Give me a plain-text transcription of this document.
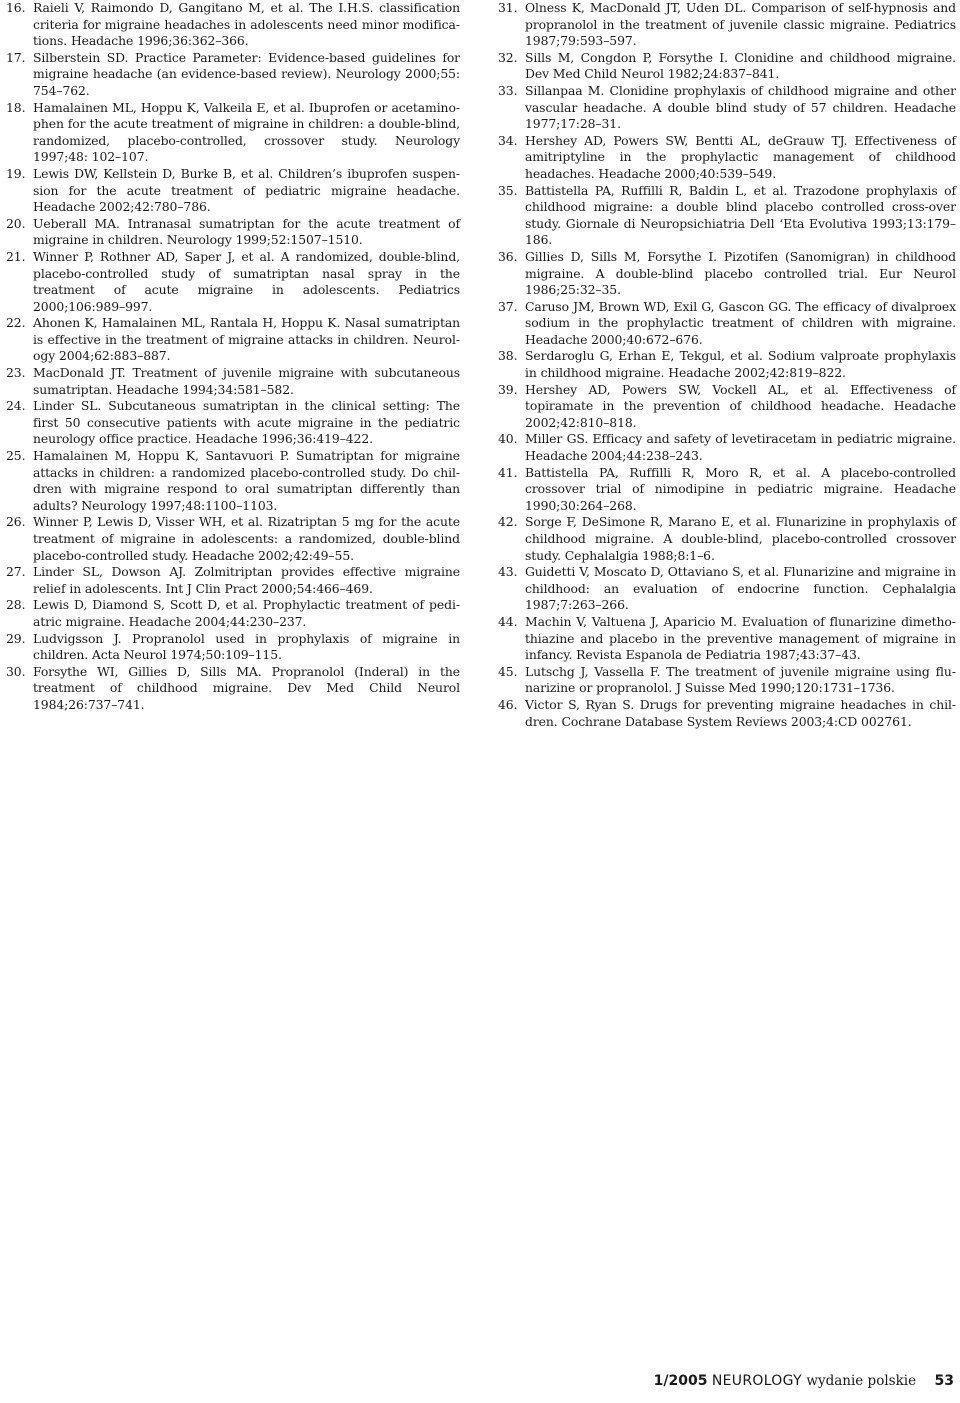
16. Raieli V, Raimondo D, Gangitano M, et al. The I.H.S. classification criteria for migraine headaches in adolescents need minor modifications. Headache 1996;36:362–366.
17. Silberstein SD. Practice Parameter: Evidence-based guidelines for migraine headache (an evidence-based review). Neurology 2000;55: 754–762.
18. Hamalainen ML, Hoppu K, Valkeila E, et al. Ibuprofen or acetaminophen for the acute treatment of migraine in children: a double-blind, randomized, placebo-controlled, crossover study. Neurology 1997;48: 102–107.
19. Lewis DW, Kellstein D, Burke B, et al. Children’s ibuprofen suspension for the acute treatment of pediatric migraine headache. Headache 2002;42:780–786.
20. Ueberall MA. Intranasal sumatriptan for the acute treatment of migraine in children. Neurology 1999;52:1507–1510.
21. Winner P, Rothner AD, Saper J, et al. A randomized, double-blind, placebo-controlled study of sumatriptan nasal spray in the treatment of acute migraine in adolescents. Pediatrics 2000;106:989–997.
22. Ahonen K, Hamalainen ML, Rantala H, Hoppu K. Nasal sumatriptan is effective in the treatment of migraine attacks in children. Neurology 2004;62:883–887.
23. MacDonald JT. Treatment of juvenile migraine with subcutaneous sumatriptan. Headache 1994;34:581–582.
24. Linder SL. Subcutaneous sumatriptan in the clinical setting: The first 50 consecutive patients with acute migraine in the pediatric neurology office practice. Headache 1996;36:419–422.
25. Hamalainen M, Hoppu K, Santavuori P. Sumatriptan for migraine attacks in children: a randomized placebo-controlled study. Do children with migraine respond to oral sumatriptan differently than adults? Neurology 1997;48:1100–1103.
26. Winner P, Lewis D, Visser WH, et al. Rizatriptan 5 mg for the acute treatment of migraine in adolescents: a randomized, double-blind placebo-controlled study. Headache 2002;42:49–55.
27. Linder SL, Dowson AJ. Zolmitriptan provides effective migraine relief in adolescents. Int J Clin Pract 2000;54:466–469.
28. Lewis D, Diamond S, Scott D, et al. Prophylactic treatment of pediatric migraine. Headache 2004;44:230–237.
29. Ludvigsson J. Propranolol used in prophylaxis of migraine in children. Acta Neurol 1974;50:109–115.
30. Forsythe WI, Gillies D, Sills MA. Propranolol (Inderal) in the treatment of childhood migraine. Dev Med Child Neurol 1984;26:737–741.
31. Olness K, MacDonald JT, Uden DL. Comparison of self-hypnosis and propranolol in the treatment of juvenile classic migraine. Pediatrics 1987;79:593–597.
32. Sills M, Congdon P, Forsythe I. Clonidine and childhood migraine. Dev Med Child Neurol 1982;24:837–841.
33. Sillanpaa M. Clonidine prophylaxis of childhood migraine and other vascular headache. A double blind study of 57 children. Headache 1977;17:28–31.
34. Hershey AD, Powers SW, Bentti AL, deGrauw TJ. Effectiveness of amitriptyline in the prophylactic management of childhood headaches. Headache 2000;40:539–549.
35. Battistella PA, Ruffilli R, Baldin L, et al. Trazodone prophylaxis of childhood migraine: a double blind placebo controlled cross-over study. Giornale di Neuropsichiatria Dell ‘Eta Evolutiva 1993;13:179–186.
36. Gillies D, Sills M, Forsythe I. Pizotifen (Sanomigran) in childhood migraine. A double-blind placebo controlled trial. Eur Neurol 1986;25:32–35.
37. Caruso JM, Brown WD, Exil G, Gascon GG. The efficacy of divalproex sodium in the prophylactic treatment of children with migraine. Headache 2000;40:672–676.
38. Serdaroglu G, Erhan E, Tekgul, et al. Sodium valproate prophylaxis in childhood migraine. Headache 2002;42:819–822.
39. Hershey AD, Powers SW, Vockell AL, et al. Effectiveness of topiramate in the prevention of childhood headache. Headache 2002;42:810–818.
40. Miller GS. Efficacy and safety of levetiracetam in pediatric migraine. Headache 2004;44:238–243.
41. Battistella PA, Ruffilli R, Moro R, et al. A placebo-controlled crossover trial of nimodipine in pediatric migraine. Headache 1990;30:264–268.
42. Sorge F, DeSimone R, Marano E, et al. Flunarizine in prophylaxis of childhood migraine. A double-blind, placebo-controlled crossover study. Cephalalgia 1988;8:1–6.
43. Guidetti V, Moscato D, Ottaviano S, et al. Flunarizine and migraine in childhood: an evaluation of endocrine function. Cephalalgia 1987;7:263–266.
44. Machin V, Valtuena J, Aparicio M. Evaluation of flunarizine dimethothiazine and placebo in the preventive management of migraine in infancy. Revista Espanola de Pediatria 1987;43:37–43.
45. Lutschg J, Vassella F. The treatment of juvenile migraine using flunarizine or propranolol. J Suisse Med 1990;120:1731–1736.
46. Victor S, Ryan S. Drugs for preventing migraine headaches in children. Cochrane Database System Reviews 2003;4:CD 002761.
1/2005 NEUROLOGY wydanie polskie 53
